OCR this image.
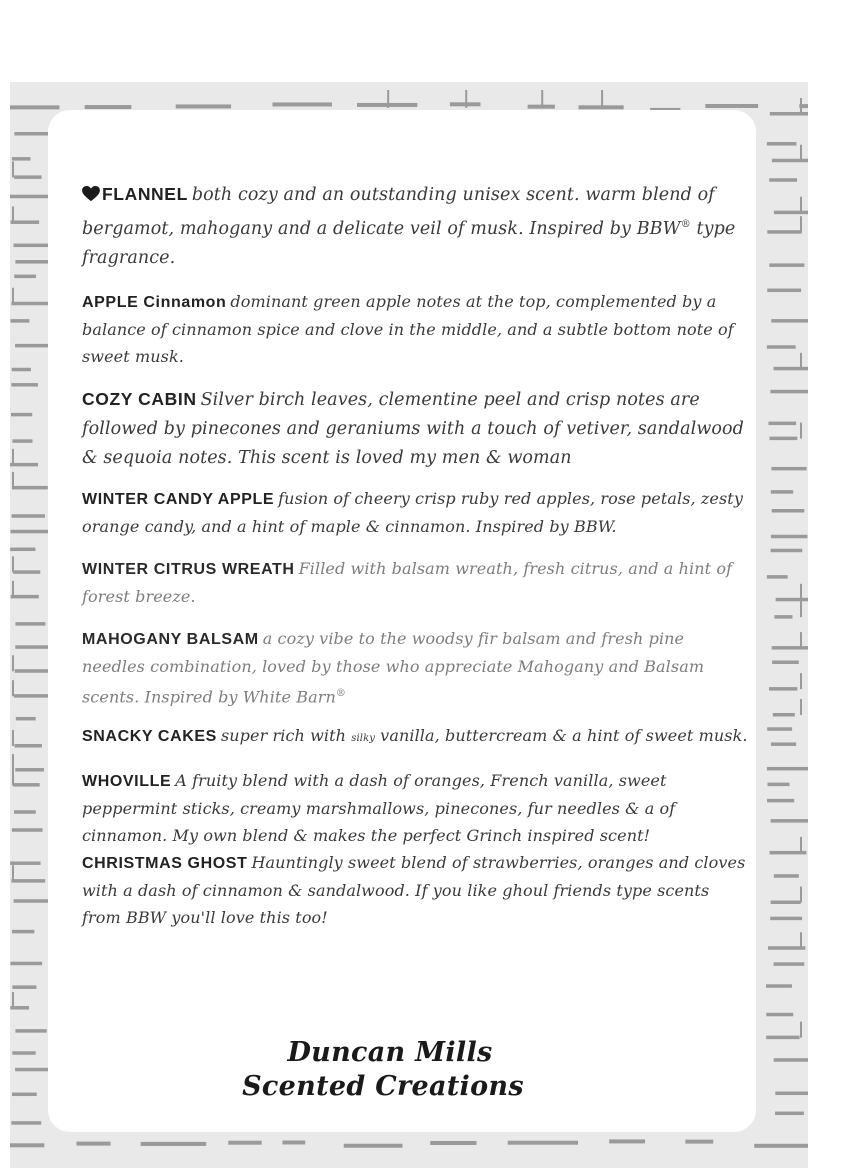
FLANNEL both cozy and an outstanding unisex scent. warm blend of bergamot, mahogany and a delicate veil of musk. Inspired by BBW® type fragrance.

APPLE Cinnamon dominant green apple notes at the top, complemented by a balance of cinnamon spice and clove in the middle, and a subtle bottom note of sweet musk.

COZY CABIN Silver birch leaves, clementine peel and crisp notes are followed by pinecones and geraniums with a touch of vetiver, sandalwood & sequoia notes. This scent is loved my men & woman

WINTER CANDY APPLE fusion of cheery crisp ruby red apples, rose petals, zesty orange candy, and a hint of maple & cinnamon. Inspired by BBW.

WINTER CITRUS WREATH Filled with balsam wreath, fresh citrus, and a hint of forest breeze.

MAHOGANY BALSAM a cozy vibe to the woodsy fir balsam and fresh pine needles combination, loved by those who appreciate Mahogany and Balsam scents. Inspired by White Barn®

SNACKY CAKES super rich with silky vanilla, buttercream & a hint of sweet musk.

WHOVILLE A fruity blend with a dash of oranges, French vanilla, sweet peppermint sticks, creamy marshmallows, pinecones, fur needles & a of cinnamon. My own blend & makes the perfect Grinch inspired scent!

CHRISTMAS GHOST Hauntingly sweet blend of strawberries, oranges and cloves with a dash of cinnamon & sandalwood. If you like ghoul friends type scents from BBW you'll love this too!

Duncan Mills
Scented Creations
